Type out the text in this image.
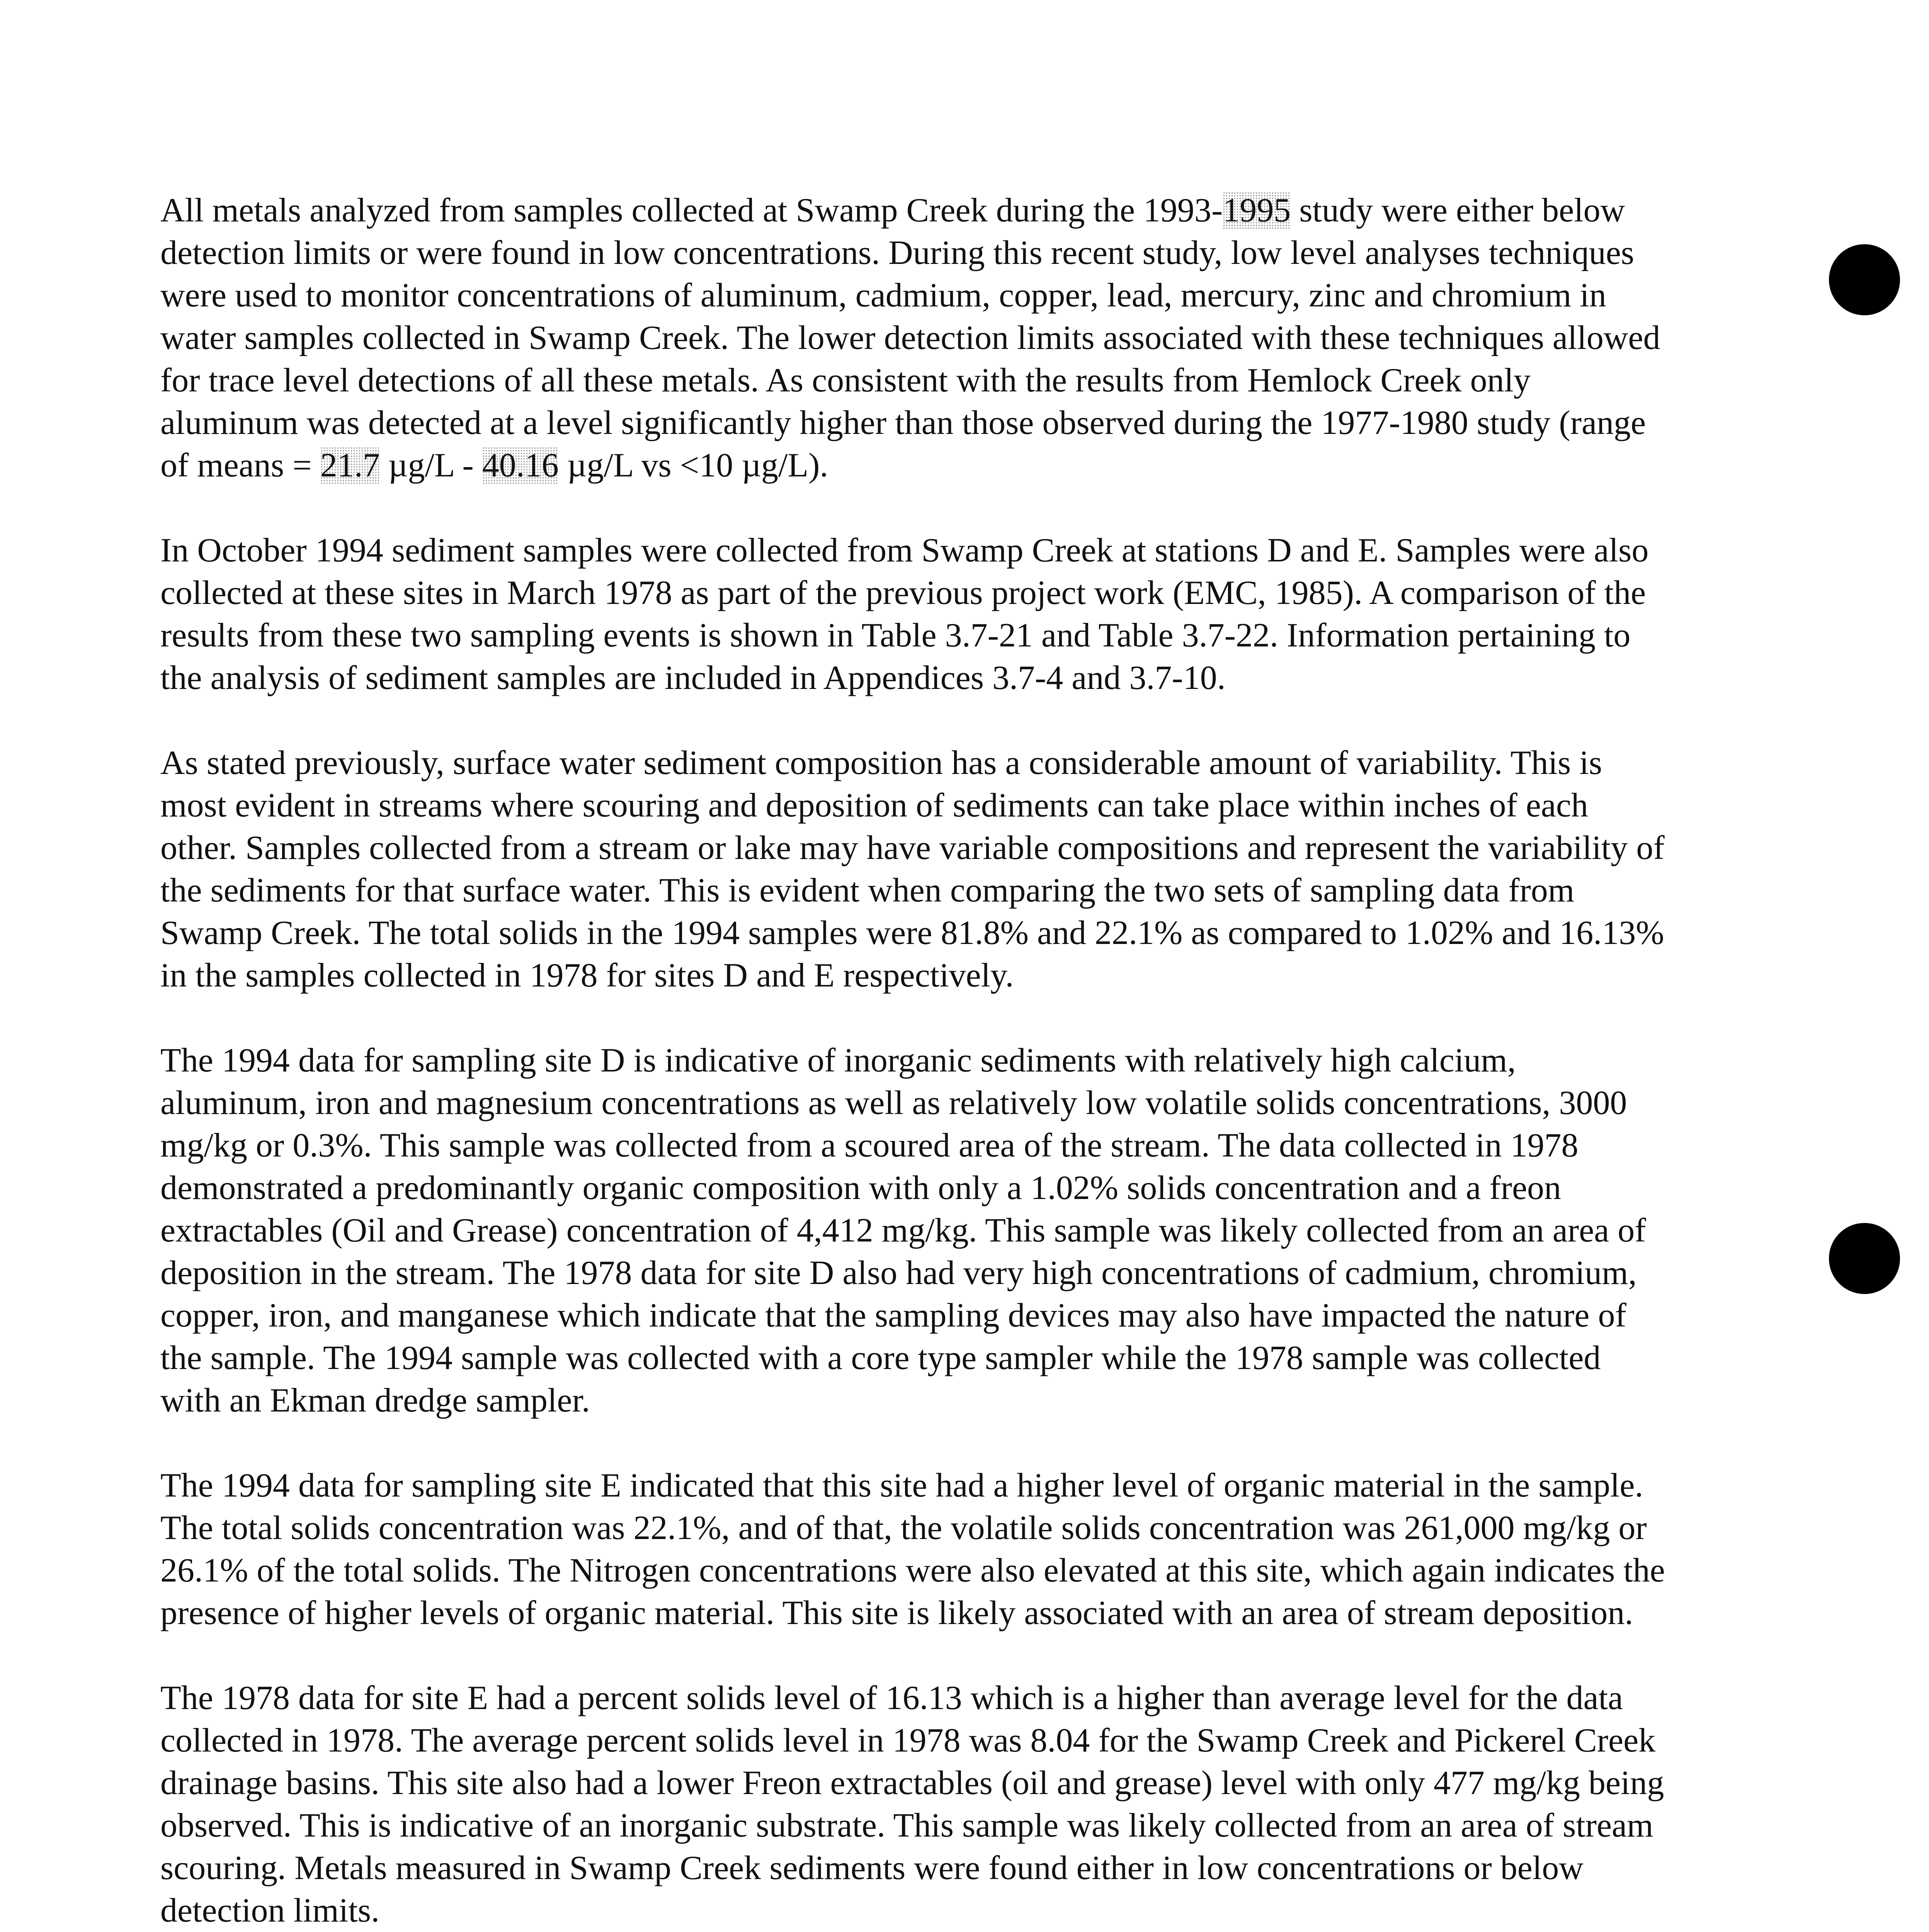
All metals analyzed from samples collected at Swamp Creek during the 1993-1995 study were either below detection limits or were found in low concentrations. During this recent study, low level analyses techniques were used to monitor concentrations of aluminum, cadmium, copper, lead, mercury, zinc and chromium in water samples collected in Swamp Creek. The lower detection limits associated with these techniques allowed for trace level detections of all these metals. As consistent with the results from Hemlock Creek only aluminum was detected at a level significantly higher than those observed during the 1977-1980 study (range of means = 21.7 µg/L - 40.16 µg/L vs <10 µg/L).

In October 1994 sediment samples were collected from Swamp Creek at stations D and E. Samples were also collected at these sites in March 1978 as part of the previous project work (EMC, 1985). A comparison of the results from these two sampling events is shown in Table 3.7-21 and Table 3.7-22. Information pertaining to the analysis of sediment samples are included in Appendices 3.7-4 and 3.7-10.

As stated previously, surface water sediment composition has a considerable amount of variability. This is most evident in streams where scouring and deposition of sediments can take place within inches of each other. Samples collected from a stream or lake may have variable compositions and represent the variability of the sediments for that surface water. This is evident when comparing the two sets of sampling data from Swamp Creek. The total solids in the 1994 samples were 81.8% and 22.1% as compared to 1.02% and 16.13% in the samples collected in 1978 for sites D and E respectively.

The 1994 data for sampling site D is indicative of inorganic sediments with relatively high calcium, aluminum, iron and magnesium concentrations as well as relatively low volatile solids concentrations, 3000 mg/kg or 0.3%. This sample was collected from a scoured area of the stream. The data collected in 1978 demonstrated a predominantly organic composition with only a 1.02% solids concentration and a freon extractables (Oil and Grease) concentration of 4,412 mg/kg. This sample was likely collected from an area of deposition in the stream. The 1978 data for site D also had very high concentrations of cadmium, chromium, copper, iron, and manganese which indicate that the sampling devices may also have impacted the nature of the sample. The 1994 sample was collected with a core type sampler while the 1978 sample was collected with an Ekman dredge sampler.

The 1994 data for sampling site E indicated that this site had a higher level of organic material in the sample. The total solids concentration was 22.1%, and of that, the volatile solids concentration was 261,000 mg/kg or 26.1% of the total solids. The Nitrogen concentrations were also elevated at this site, which again indicates the presence of higher levels of organic material. This site is likely associated with an area of stream deposition.

The 1978 data for site E had a percent solids level of 16.13 which is a higher than average level for the data collected in 1978. The average percent solids level in 1978 was 8.04 for the Swamp Creek and Pickerel Creek drainage basins. This site also had a lower Freon extractables (oil and grease) level with only 477 mg/kg being observed. This is indicative of an inorganic substrate. This sample was likely collected from an area of stream scouring. Metals measured in Swamp Creek sediments were found either in low concentrations or below detection limits.
